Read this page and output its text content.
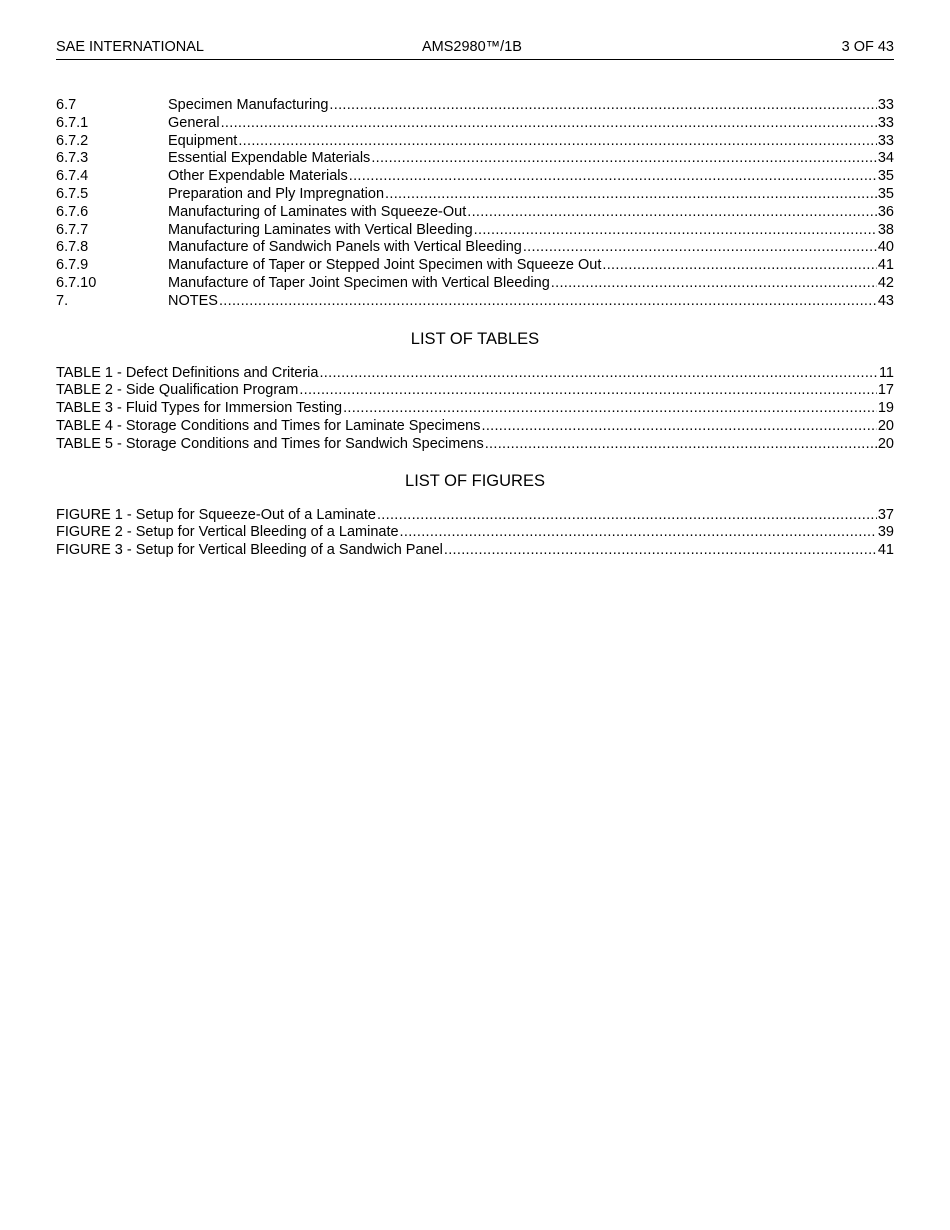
SAE INTERNATIONAL	AMS2980™/1B	3 OF 43
6.7	Specimen Manufacturing .....	33
6.7.1	General .....	33
6.7.2	Equipment .....	33
6.7.3	Essential Expendable Materials .....	34
6.7.4	Other Expendable Materials .....	35
6.7.5	Preparation and Ply Impregnation .....	35
6.7.6	Manufacturing of Laminates with Squeeze-Out .....	36
6.7.7	Manufacturing Laminates with Vertical Bleeding .....	38
6.7.8	Manufacture of Sandwich Panels with Vertical Bleeding .....	40
6.7.9	Manufacture of Taper or Stepped Joint Specimen with Squeeze Out .....	41
6.7.10	Manufacture of Taper Joint Specimen with Vertical Bleeding .....	42
7.	NOTES .....	43
LIST OF TABLES
TABLE 1 - Defect Definitions and Criteria .....	11
TABLE 2 - Side Qualification Program .....	17
TABLE 3 - Fluid Types for Immersion Testing .....	19
TABLE 4 - Storage Conditions and Times for Laminate Specimens .....	20
TABLE 5 - Storage Conditions and Times for Sandwich Specimens .....	20
LIST OF FIGURES
FIGURE 1 - Setup for Squeeze-Out of a Laminate .....	37
FIGURE 2 - Setup for Vertical Bleeding of a Laminate .....	39
FIGURE 3 - Setup for Vertical Bleeding of a Sandwich Panel .....	41
